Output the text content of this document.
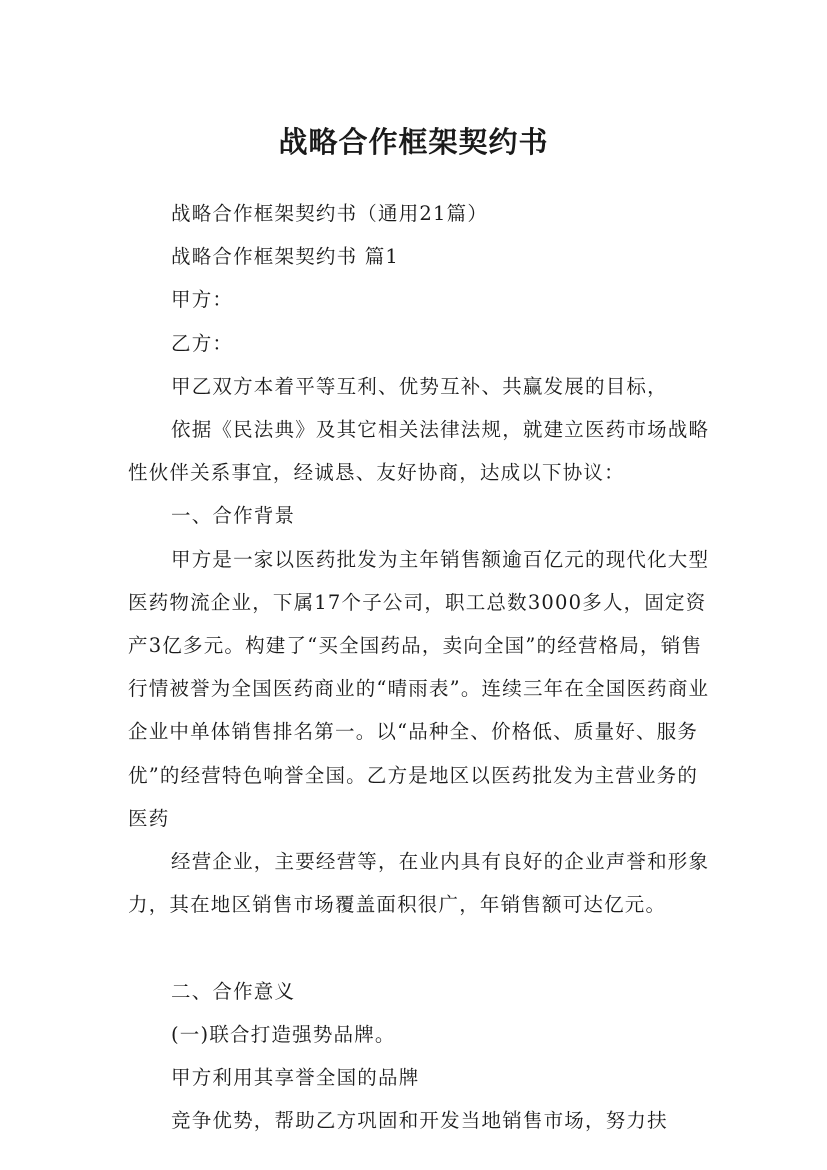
战略合作框架契约书

战略合作框架契约书（通用21篇）

战略合作框架契约书 篇1

甲方：

乙方：

甲乙双方本着平等互利、优势互补、共赢发展的目标，

依据《民法典》及其它相关法律法规，就建立医药市场战略性伙伴关系事宜，经诚恳、友好协商，达成以下协议：

一、合作背景

甲方是一家以医药批发为主年销售额逾百亿元的现代化大型医药物流企业，下属17个子公司，职工总数3000多人，固定资产3亿多元。构建了“买全国药品，卖向全国”的经营格局，销售行情被誉为全国医药商业的“晴雨表”。连续三年在全国医药商业企业中单体销售排名第一。以“品种全、价格低、质量好、服务优”的经营特色响誉全国。乙方是地区以医药批发为主营业务的医药

经营企业，主要经营等，在业内具有良好的企业声誉和形象力，其在地区销售市场覆盖面积很广，年销售额可达亿元。

二、合作意义

(一)联合打造强势品牌。

甲方利用其享誉全国的品牌

竞争优势，帮助乙方巩固和开发当地销售市场，努力扶
